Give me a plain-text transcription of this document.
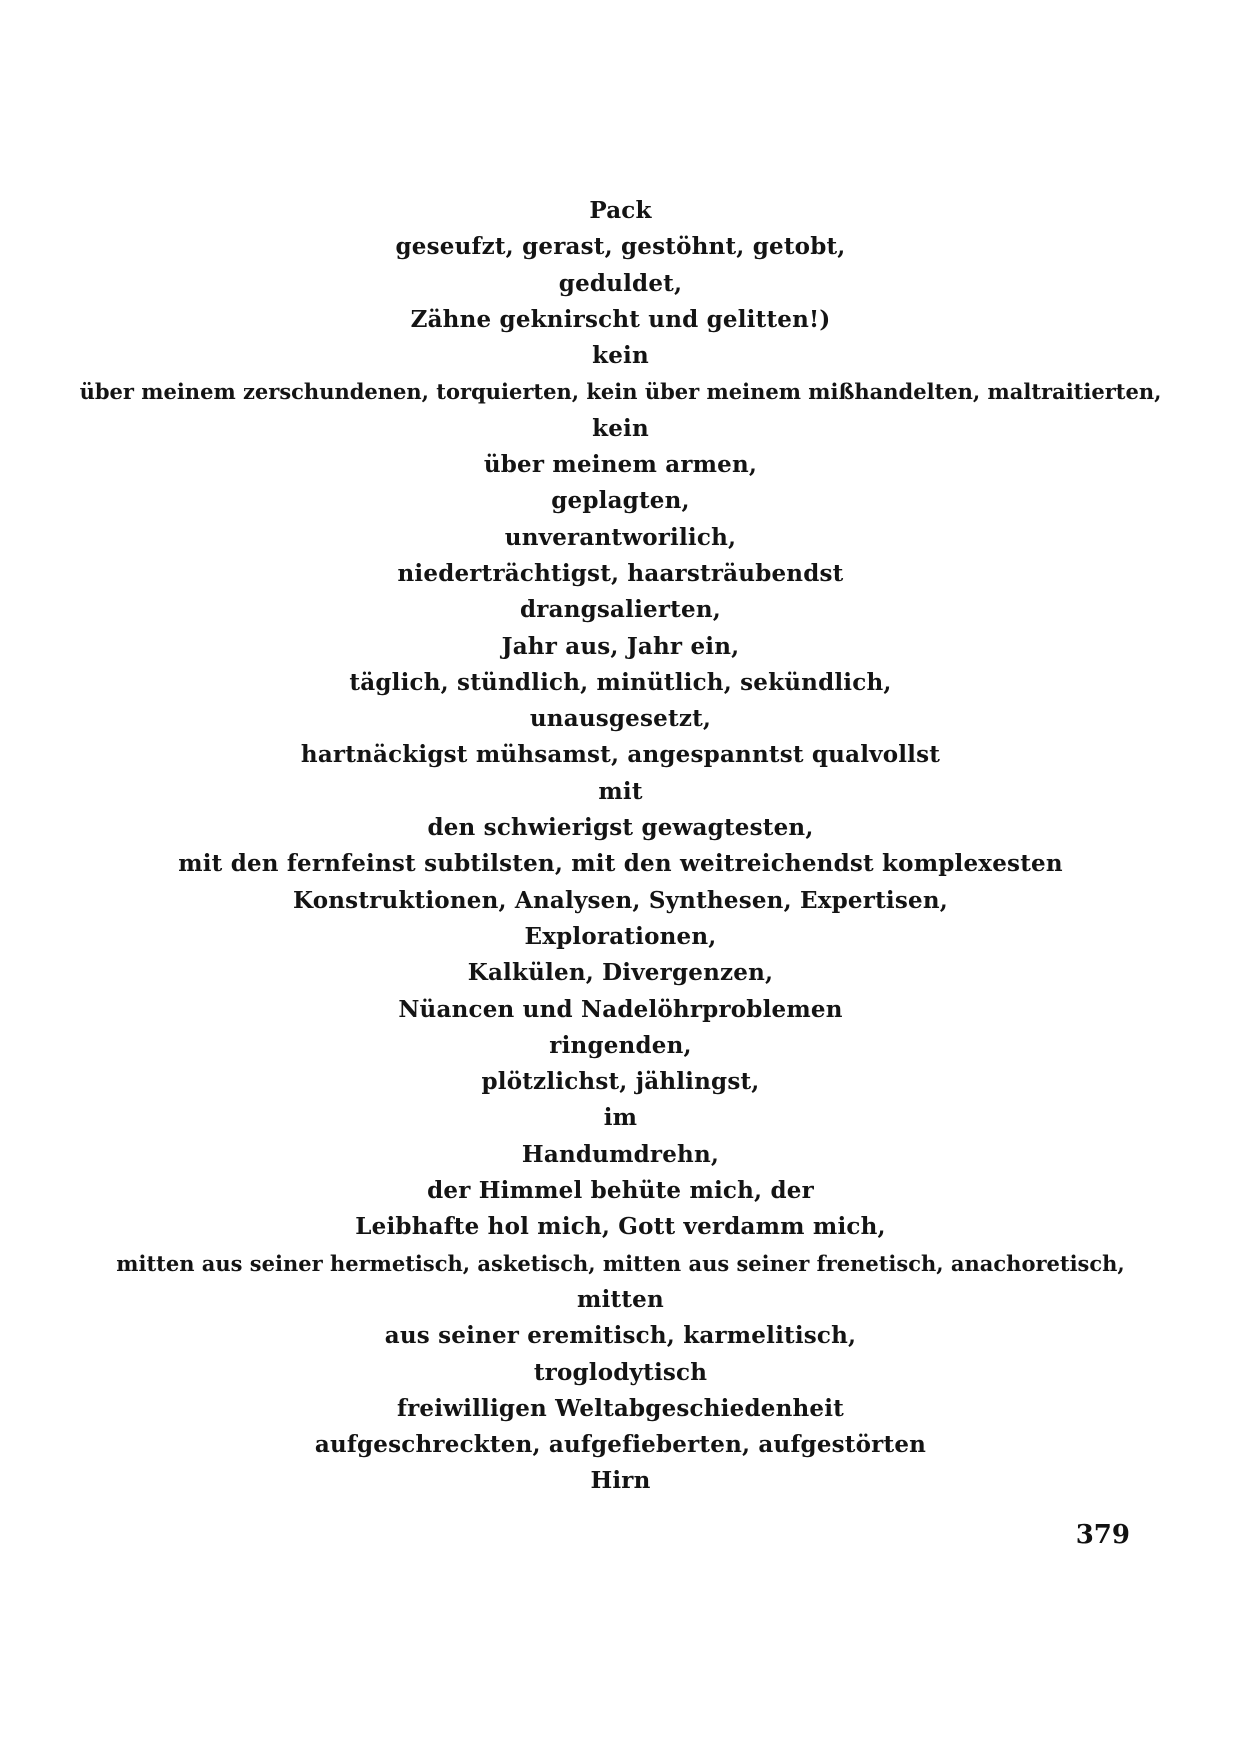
Pack
geseufzt, gerast, gestöhnt, getobt,
geduldet,
Zähne geknirscht und gelitten!)
kein
über meinem zerschundenen, torquierten, kein über meinem mißhandelten, maltraitierten,
kein
über meinem armen,
geplagten,
unverantworilich,
niederträchtigst, haarsträubendst
drangsalierten,
Jahr aus, Jahr ein,
täglich, stündlich, minütlich, sekündlich,
unausgesetzt,
hartnäckigst mühsamst, angespanntst qualvollst
mit
den schwierigst gewagtesten,
mit den fernfeinst subtilsten, mit den weitreichendst komplexesten
Konstruktionen, Analysen, Synthesen, Expertisen,
Explorationen,
Kalkülen, Divergenzen,
Nüancen und Nadelöhrproblemen
ringenden,
plötzlichst, jählingst,
im
Handumdrehn,
der Himmel behüte mich, der
Leibhafte hol mich, Gott verdamm mich,
mitten aus seiner hermetisch, asketisch, mitten aus seiner frenetisch, anachoretisch,
mitten
aus seiner eremitisch, karmelitisch,
troglodytisch
freiwilligen Weltabgeschiedenheit
aufgeschreckten, aufgefieberten, aufgestörten
Hirn
379
